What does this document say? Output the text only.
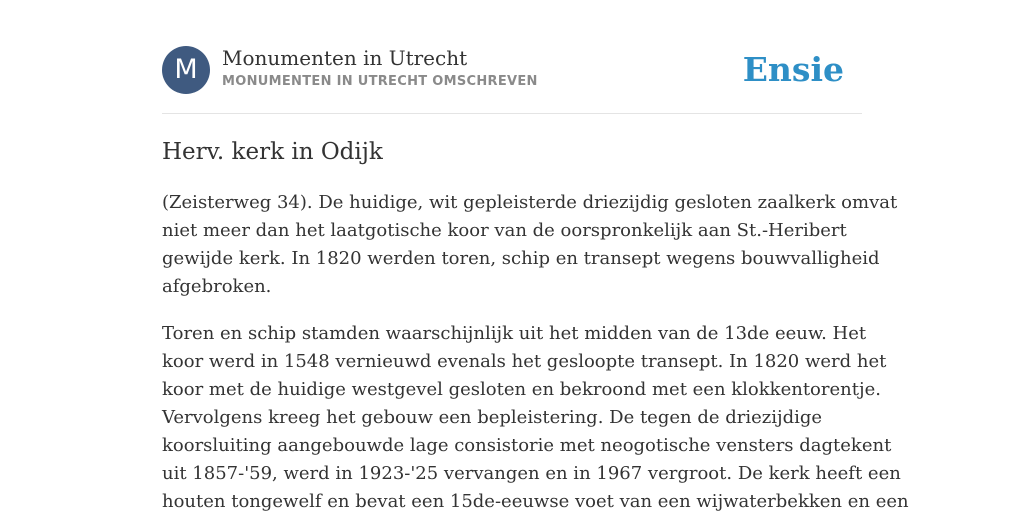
M	Monumenten in Utrecht
MONUMENTEN IN UTRECHT OMSCHREVEN	Ensie
Herv. kerk in Odijk

(Zeisterweg 34). De huidige, wit gepleisterde driezijdig gesloten zaalkerk omvat
niet meer dan het laatgotische koor van de oorspronkelijk aan St.-Heribert
gewijde kerk. In 1820 werden toren, schip en transept wegens bouwvalligheid
afgebroken.

Toren en schip stamden waarschijnlijk uit het midden van de 13de eeuw. Het
koor werd in 1548 vernieuwd evenals het gesloopte transept. In 1820 werd het
koor met de huidige westgevel gesloten en bekroond met een klokkentorentje.
Vervolgens kreeg het gebouw een bepleistering. De tegen de driezijdige
koorsluiting aangebouwde lage consistorie met neogotische vensters dagtekent
uit 1857-'59, werd in 1923-'25 vervangen en in 1967 vergroot. De kerk heeft een
houten tongewelf en bevat een 15de-eeuwse voet van een wijwaterbekken en een
